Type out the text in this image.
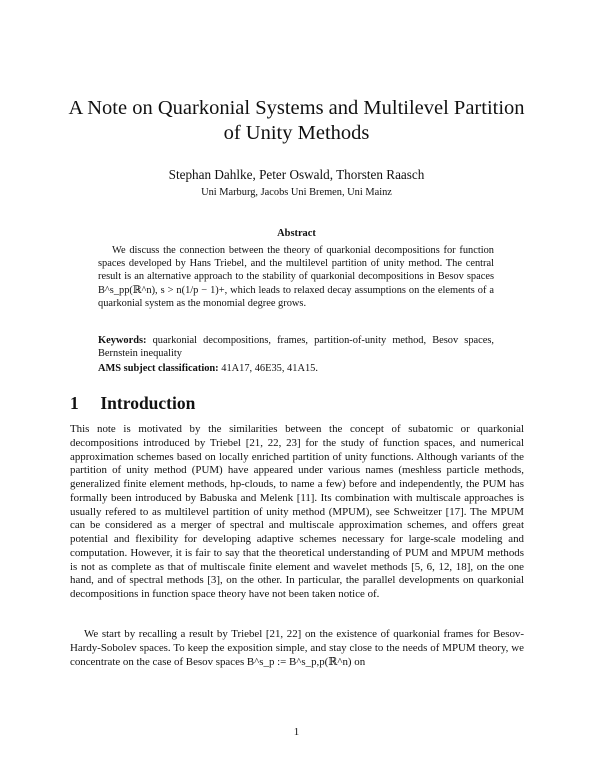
A Note on Quarkonial Systems and Multilevel Partition of Unity Methods
Stephan Dahlke, Peter Oswald, Thorsten Raasch
Uni Marburg, Jacobs Uni Bremen, Uni Mainz
Abstract

We discuss the connection between the theory of quarkonial decompositions for function spaces developed by Hans Triebel, and the multilevel partition of unity method. The central result is an alternative approach to the stability of quarkonial decompositions in Besov spaces B^s_pp(ℝ^n), s > n(1/p − 1)+, which leads to relaxed decay assumptions on the elements of a quarkonial system as the monomial degree grows.

Keywords: quarkonial decompositions, frames, partition-of-unity method, Besov spaces, Bernstein inequality

AMS subject classification: 41A17, 46E35, 41A15.

1 Introduction

This note is motivated by the similarities between the concept of subatomic or quarkonial decompositions introduced by Triebel [21, 22, 23] for the study of function spaces, and numerical approximation schemes based on locally enriched partition of unity functions. Although variants of the partition of unity method (PUM) have appeared under various names (meshless particle methods, generalized finite element methods, hp-clouds, to name a few) before and independently, the PUM has formally been introduced by Babuska and Melenk [11]. Its combination with multiscale approaches is usually refered to as multilevel partition of unity method (MPUM), see Schweitzer [17]. The MPUM can be considered as a merger of spectral and multiscale approximation schemes, and offers great potential and flexibility for developing adaptive schemes necessary for large-scale modeling and computation. However, it is fair to say that the theoretical understanding of PUM and MPUM methods is not as complete as that of multiscale finite element and wavelet methods [5, 6, 12, 18], on the one hand, and of spectral methods [3], on the other. In particular, the parallel developments on quarkonial decompositions in function space theory have not been taken notice of.

We start by recalling a result by Triebel [21, 22] on the existence of quarkonial frames for Besov-Hardy-Sobolev spaces. To keep the exposition simple, and stay close to the needs of MPUM theory, we concentrate on the case of Besov spaces B^s_p := B^s_p,p(ℝ^n) on

1
